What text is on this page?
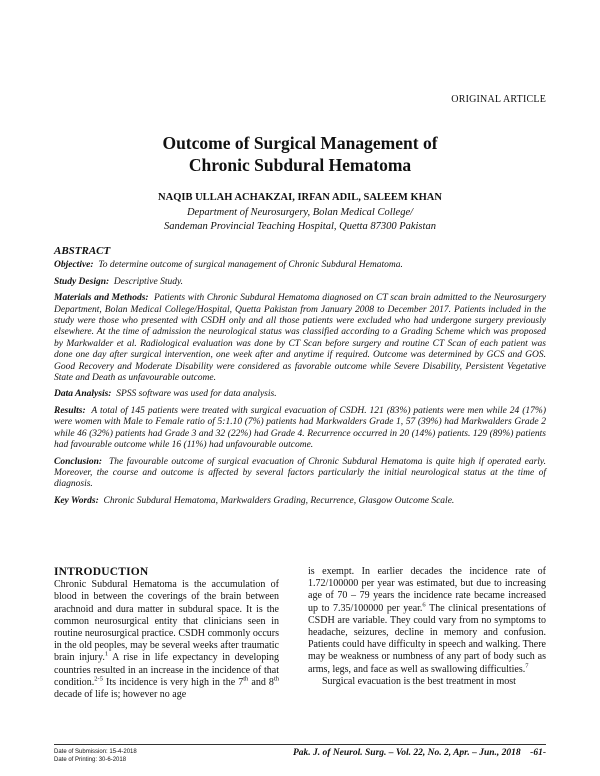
ORIGINAL ARTICLE
Outcome of Surgical Management of
Chronic Subdural Hematoma
NAQIB ULLAH ACHAKZAI, IRFAN ADIL, SALEEM KHAN
Department of Neurosurgery, Bolan Medical College/
Sandeman Provincial Teaching Hospital, Quetta 87300 Pakistan
ABSTRACT

Objective: To determine outcome of surgical management of Chronic Subdural Hematoma.

Study Design: Descriptive Study.

Materials and Methods: Patients with Chronic Subdural Hematoma diagnosed on CT scan brain admitted to the Neurosurgery Department, Bolan Medical College/Hospital, Quetta Pakistan from January 2008 to December 2017. Patients included in the study were those who presented with CSDH only and all those patients were excluded who had undergone surgery previously elsewhere. At the time of admission the neurological status was classified according to a Grading Scheme which was proposed by Markwalder et al. Radiological evaluation was done by CT Scan before surgery and routine CT Scan of each patient was done one day after surgical intervention, one week after and anytime if required. Outcome was determined by GCS and GOS. Good Recovery and Moderate Disability were considered as favorable outcome while Severe Disability, Persistent Vegetative State and Death as unfavourable outcome.

Data Analysis: SPSS software was used for data analysis.

Results: A total of 145 patients were treated with surgical evacuation of CSDH. 121 (83%) patients were men while 24 (17%) were women with Male to Female ratio of 5:1.10 (7%) patients had Markwalders Grade 1, 57 (39%) had Markwalders Grade 2 while 46 (32%) patients had Grade 3 and 32 (22%) had Grade 4. Recurrence occurred in 20 (14%) patients. 129 (89%) patients had favourable outcome while 16 (11%) had unfavourable outcome.

Conclusion: The favourable outcome of surgical evacuation of Chronic Subdural Hematoma is quite high if operated early. Moreover, the course and outcome is affected by several factors particularly the initial neurological status at the time of diagnosis.

Key Words: Chronic Subdural Hematoma, Markwalders Grading, Recurrence, Glasgow Outcome Scale.

INTRODUCTION

Chronic Subdural Hematoma is the accumulation of blood in between the coverings of the brain between arachnoid and dura matter in subdural space. It is the common neurosurgical entity that clinicians seen in routine neurosurgical practice. CSDH commonly occurs in the old peoples, may be several weeks after traumatic brain injury.$^1$ A rise in life expectancy in developing countries resulted in an increase in the incidence of that condition.$^{2-5}$ Its incidence is very high in the 7th and 8th decade of life is; however no age

is exempt. In earlier decades the incidence rate of 1.72/100000 per year was estimated, but due to increasing age of 70 – 79 years the incidence rate became increased up to 7.35/100000 per year.$^6$ The clinical presentations of CSDH are variable. They could vary from no symptoms to headache, seizures, decline in memory and confusion. Patients could have difficulty in speech and walking. There may be weakness or numbness of any part of body such as arms, legs, and face as well as swallowing difficulties.$^7$

Surgical evacuation is the best treatment in most

Date of Submission: 15-4-2018
Date of Printing: 30-6-2018
Pak. J. of Neurol. Surg. – Vol. 22, No. 2, Apr. – Jun., 2018 -61-
